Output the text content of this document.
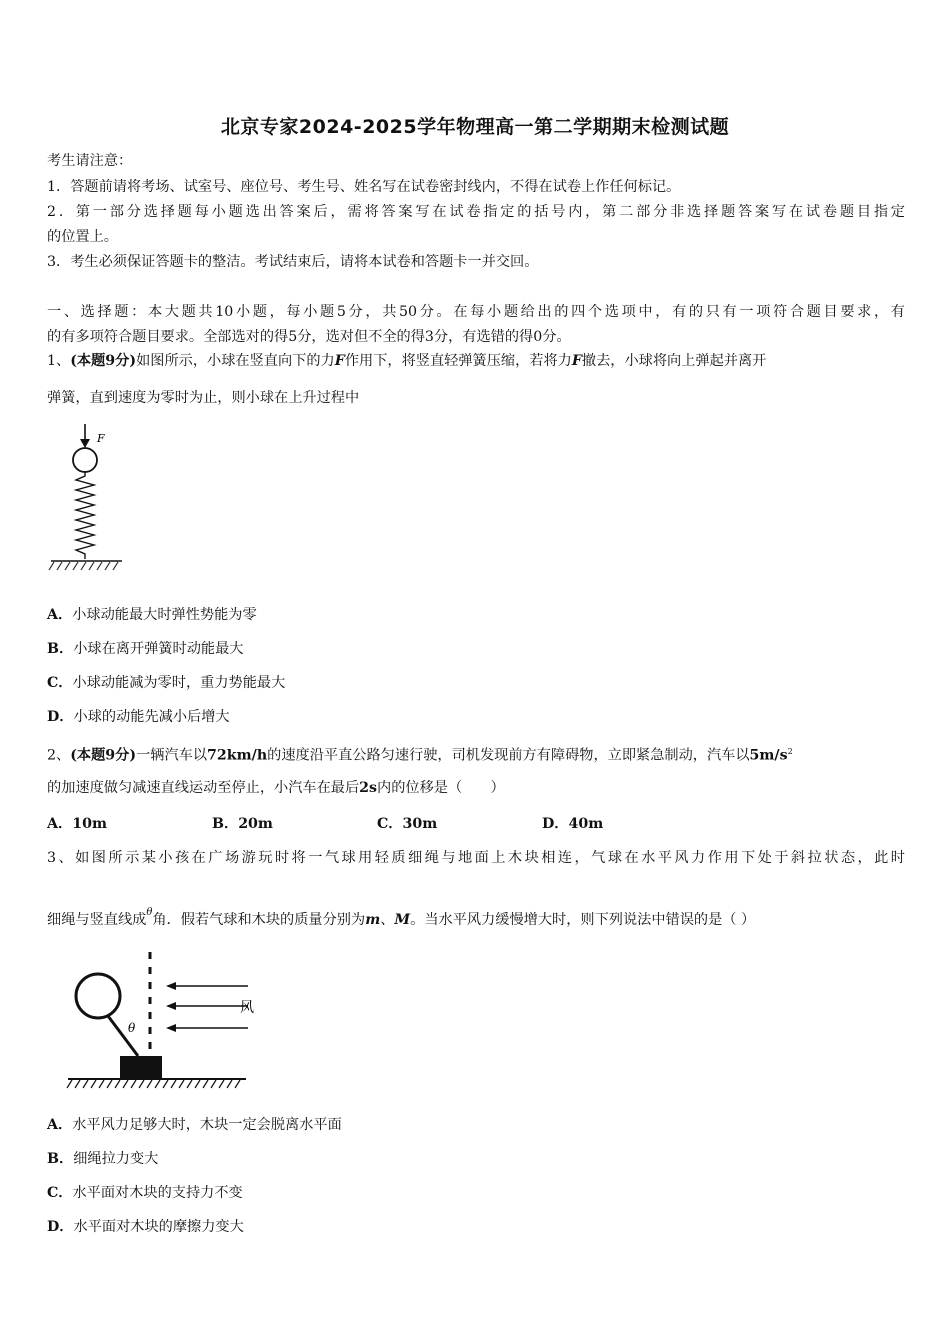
北京专家2024-2025学年物理高一第二学期期末检测试题
考生请注意：
1．答题前请将考场、试室号、座位号、考生号、姓名写在试卷密封线内，不得在试卷上作任何标记。
2．第一部分选择题每小题选出答案后，需将答案写在试卷指定的括号内，第二部分非选择题答案写在试卷题目指定
的位置上。
3．考生必须保证答题卡的整洁。考试结束后，请将本试卷和答题卡一并交回。
一、选择题：本大题共10小题，每小题5分，共50分。在每小题给出的四个选项中，有的只有一项符合题目要求，有
的有多项符合题目要求。全部选对的得5分，选对但不全的得3分，有选错的得0分。
1、(本题9分)如图所示，小球在竖直向下的力F作用下，将竖直轻弹簧压缩，若将力F撤去，小球将向上弹起并离开
弹簧，直到速度为零时为止，则小球在上升过程中
F
A．小球动能最大时弹性势能为零
B．小球在离开弹簧时动能最大
C．小球动能减为零时，重力势能最大
D．小球的动能先减小后增大
2、(本题9分)一辆汽车以72km/h的速度沿平直公路匀速行驶，司机发现前方有障碍物，立即紧急制动，汽车以$5m/s^2$
的加速度做匀减速直线运动至停止，小汽车在最后2s内的位移是（　　）
A．10m	B．20m	C．30m	D．40m
3、如图所示某小孩在广场游玩时将一气球用轻质细绳与地面上木块相连，气球在水平风力作用下处于斜拉状态，此时
细绳与竖直线成$^\theta$角．假若气球和木块的质量分别为m、M。当水平风力缓慢增大时，则下列说法中错误的是（ ）
θ
风
A．水平风力足够大时，木块一定会脱离水平面
B．细绳拉力变大
C．水平面对木块的支持力不变
D．水平面对木块的摩擦力变大
